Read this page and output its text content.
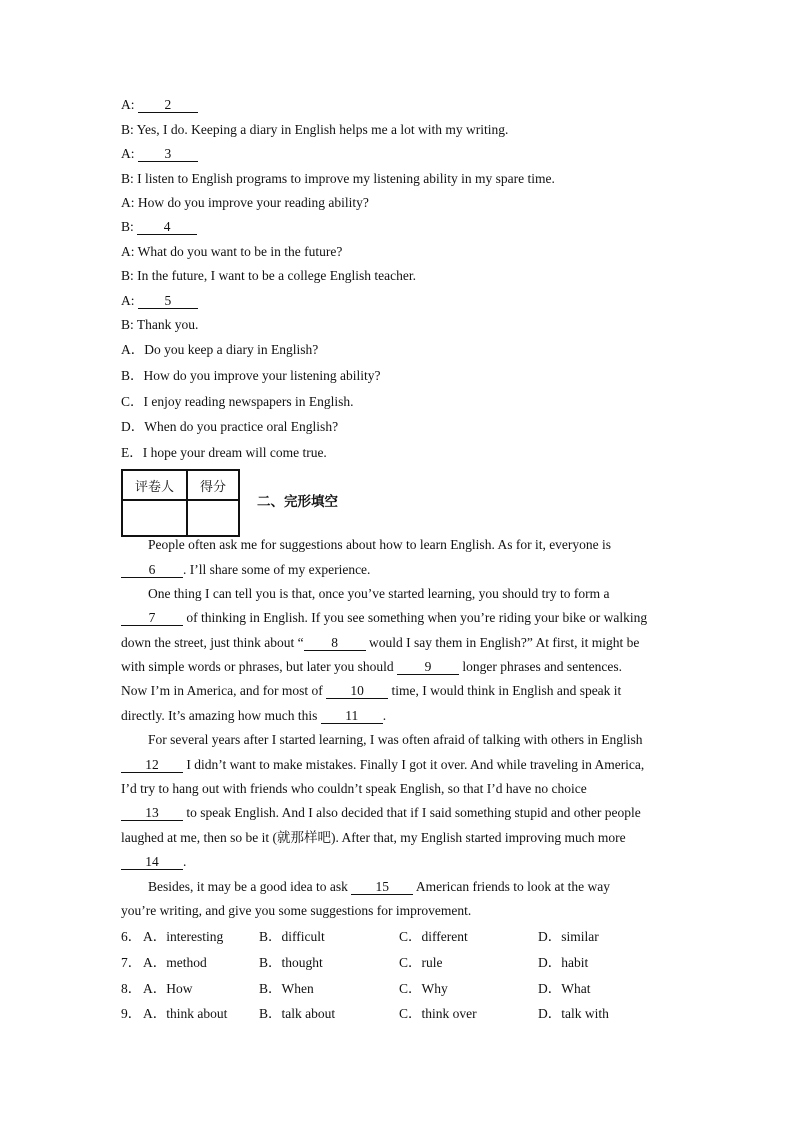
A: 2
B: Yes, I do. Keeping a diary in English helps me a lot with my writing.
A: 3
B: I listen to English programs to improve my listening ability in my spare time.
A: How do you improve your reading ability?
B: 4
A: What do you want to be in the future?
B: In the future, I want to be a college English teacher.
A: 5
B: Thank you.
A．Do you keep a diary in English?
B．How do you improve your listening ability?
C．I enjoy reading newspapers in English.
D．When do you practice oral English?
E．I hope your dream will come true.
评卷人	得分

二、完形填空
People often ask me for suggestions about how to learn English. As for it, everyone is
6 . I’ll share some of my experience.
One thing I can tell you is that, once you’ve started learning, you should try to form a
7 of thinking in English. If you see something when you’re riding your bike or walking
down the street, just think about “ 8 would I say them in English?” At first, it might be
with simple words or phrases, but later you should 9 longer phrases and sentences.
Now I’m in America, and for most of 10 time, I would think in English and speak it
directly. It’s amazing how much this 11 .
For several years after I started learning, I was often afraid of talking with others in English
12 I didn’t want to make mistakes. Finally I got it over. And while traveling in America,
I’d try to hang out with friends who couldn’t speak English, so that I’d have no choice
13 to speak English. And I also decided that if I said something stupid and other people
laughed at me, then so be it (就那样吧). After that, my English started improving much more
14 .
Besides, it may be a good idea to ask 15 American friends to look at the way
you’re writing, and give you some suggestions for improvement.
6． A．interesting	B．difficult	C．different	D．similar
7． A．method	B．thought	C．rule	D．habit
8． A．How	B．When	C．Why	D．What
9． A．think about B．talk about	C．think over	D．talk with
